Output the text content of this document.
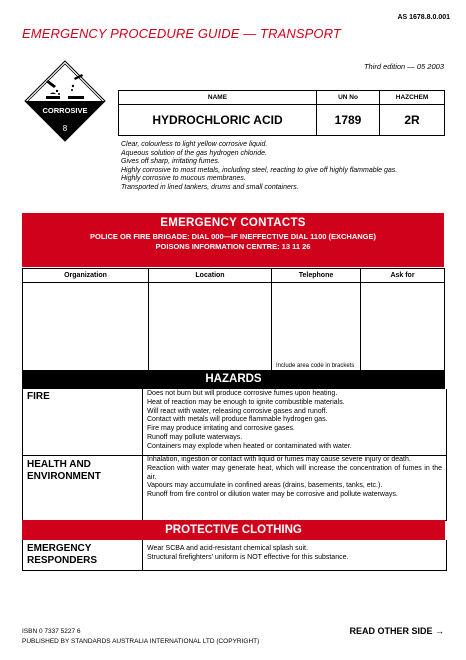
AS 1678.8.0.001
EMERGENCY PROCEDURE GUIDE — TRANSPORT
Third edition — 05 2003
CORROSIVE
8
NAME	UN No	HAZCHEM
HYDROCHLORIC ACID	1789	2R
Clear, colourless to light yellow corrosive liquid.
Aqueous solution of the gas hydrogen chloride.
Gives off sharp, irritating fumes.
Highly corrosive to most metals, including steel, reacting to give off highly flammable gas.
Highly corrosive to mucous membranes.
Transported in lined tankers, drums and small containers.
EMERGENCY CONTACTS
POLICE OR FIRE BRIGADE: DIAL 000—IF INEFFECTIVE DIAL 1100 (EXCHANGE)
POISONS INFORMATION CENTRE: 13 11 26
Organization	Location	Telephone	Ask for
		Include area code in brackets	
HAZARDS
FIRE	Does not burn but will produce corrosive fumes upon heating.
Heat of reaction may be enough to ignite combustible materials.
Will react with water, releasing corrosive gases and runoff.
Contact with metals will produce flammable hydrogen gas.
Fire may produce irritating and corrosive gases.
Runoff may pollute waterways.
Containers may explode when heated or contaminated with water.
HEALTH AND
ENVIRONMENT
Inhalation, ingestion or contact with liquid or fumes may cause severe injury or death.
Reaction with water may generate heat, which will increase the concentration of fumes in the air.
Vapours may accumulate in confined areas (drains, basements, tanks, etc.).
Runoff from fire control or dilution water may be corrosive and pollute waterways.
PROTECTIVE CLOTHING
EMERGENCY
RESPONDERS
Wear SCBA and acid-resistant chemical splash suit.
Structural firefighters' uniform is NOT effective for this substance.
ISBN 0 7337 5227 6
PUBLISHED BY STANDARDS AUSTRALIA INTERNATIONAL LTD (COPYRIGHT)
READ OTHER SIDE →
